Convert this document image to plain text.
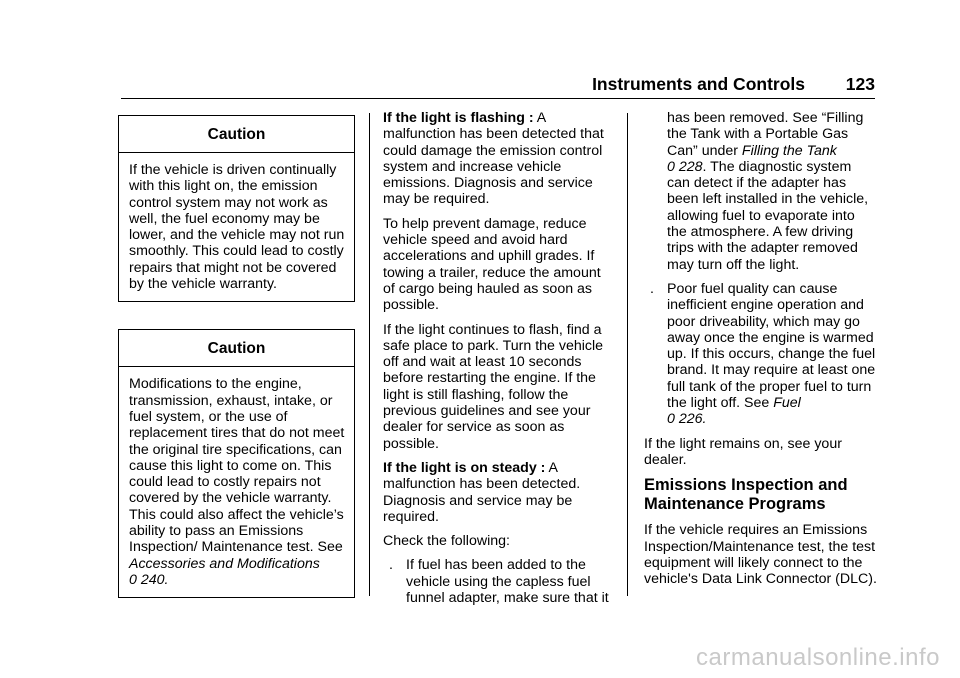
Instruments and Controls 123
Caution
If the vehicle is driven continually with this light on, the emission control system may not work as well, the fuel economy may be lower, and the vehicle may not run smoothly. This could lead to costly repairs that might not be covered by the vehicle warranty.
Caution
Modifications to the engine, transmission, exhaust, intake, or fuel system, or the use of replacement tires that do not meet the original tire specifications, can cause this light to come on. This could lead to costly repairs not covered by the vehicle warranty. This could also affect the vehicle’s ability to pass an Emissions Inspection/ Maintenance test. See Accessories and Modifications
0 240.

If the light is flashing : A malfunction has been detected that could damage the emission control system and increase vehicle emissions. Diagnosis and service may be required.

To help prevent damage, reduce vehicle speed and avoid hard accelerations and uphill grades. If towing a trailer, reduce the amount of cargo being hauled as soon as possible.

If the light continues to flash, find a safe place to park. Turn the vehicle off and wait at least 10 seconds before restarting the engine. If the light is still flashing, follow the previous guidelines and see your dealer for service as soon as possible.

If the light is on steady : A malfunction has been detected. Diagnosis and service may be required.

Check the following:

. If fuel has been added to the vehicle using the capless fuel funnel adapter, make sure that it
has been removed. See “Filling the Tank with a Portable Gas Can” under Filling the Tank
0 228. The diagnostic system can detect if the adapter has been left installed in the vehicle, allowing fuel to evaporate into the atmosphere. A few driving trips with the adapter removed may turn off the light.
. Poor fuel quality can cause inefficient engine operation and poor driveability, which may go away once the engine is warmed up. If this occurs, change the fuel brand. It may require at least one full tank of the proper fuel to turn the light off. See Fuel
0 226.

If the light remains on, see your dealer.

Emissions Inspection and Maintenance Programs

If the vehicle requires an Emissions Inspection/Maintenance test, the test equipment will likely connect to the vehicle's Data Link Connector (DLC).

carmanualsonline.info
